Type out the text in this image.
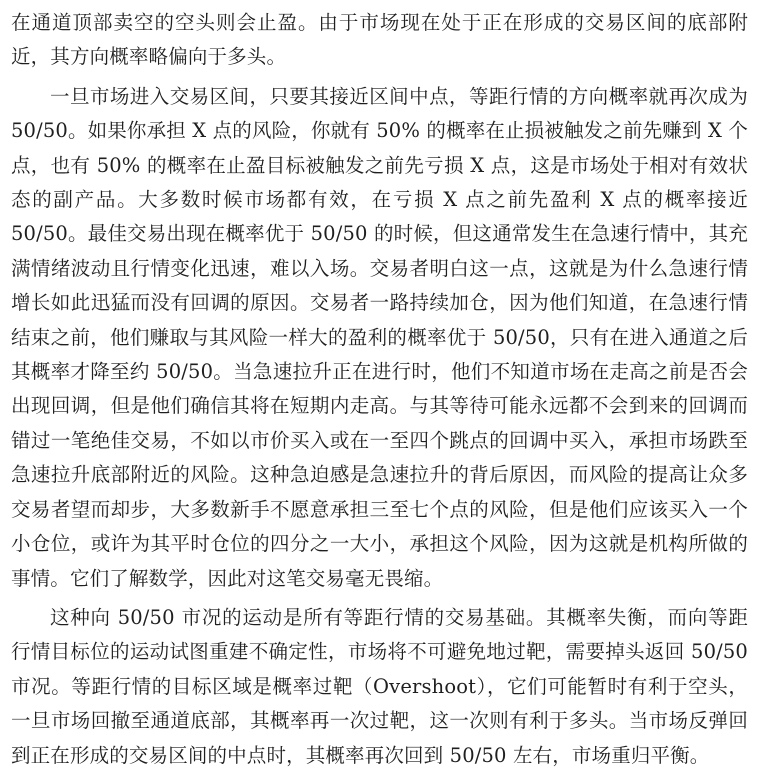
在通道顶部卖空的空头则会止盈。由于市场现在处于正在形成的交易区间的底部附近，其方向概率略偏向于多头。

一旦市场进入交易区间，只要其接近区间中点，等距行情的方向概率就再次成为 50/50。如果你承担 X 点的风险，你就有 50% 的概率在止损被触发之前先赚到 X 个点，也有 50% 的概率在止盈目标被触发之前先亏损 X 点，这是市场处于相对有效状态的副产品。大多数时候市场都有效，在亏损 X 点之前先盈利 X 点的概率接近 50/50。最佳交易出现在概率优于 50/50 的时候，但这通常发生在急速行情中，其充满情绪波动且行情变化迅速，难以入场。交易者明白这一点，这就是为什么急速行情增长如此迅猛而没有回调的原因。交易者一路持续加仓，因为他们知道，在急速行情结束之前，他们赚取与其风险一样大的盈利的概率优于 50/50，只有在进入通道之后其概率才降至约 50/50。当急速拉升正在进行时，他们不知道市场在走高之前是否会出现回调，但是他们确信其将在短期内走高。与其等待可能永远都不会到来的回调而错过一笔绝佳交易，不如以市价买入或在一至四个跳点的回调中买入，承担市场跌至急速拉升底部附近的风险。这种急迫感是急速拉升的背后原因，而风险的提高让众多交易者望而却步，大多数新手不愿意承担三至七个点的风险，但是他们应该买入一个小仓位，或许为其平时仓位的四分之一大小，承担这个风险，因为这就是机构所做的事情。它们了解数学，因此对这笔交易毫无畏缩。

这种向 50/50 市况的运动是所有等距行情的交易基础。其概率失衡，而向等距行情目标位的运动试图重建不确定性，市场将不可避免地过靶，需要掉头返回 50/50 市况。等距行情的目标区域是概率过靶（Overshoot），它们可能暂时有利于空头，一旦市场回撤至通道底部，其概率再一次过靶，这一次则有利于多头。当市场反弹回到正在形成的交易区间的中点时，其概率再次回到 50/50 左右，市场重归平衡。
